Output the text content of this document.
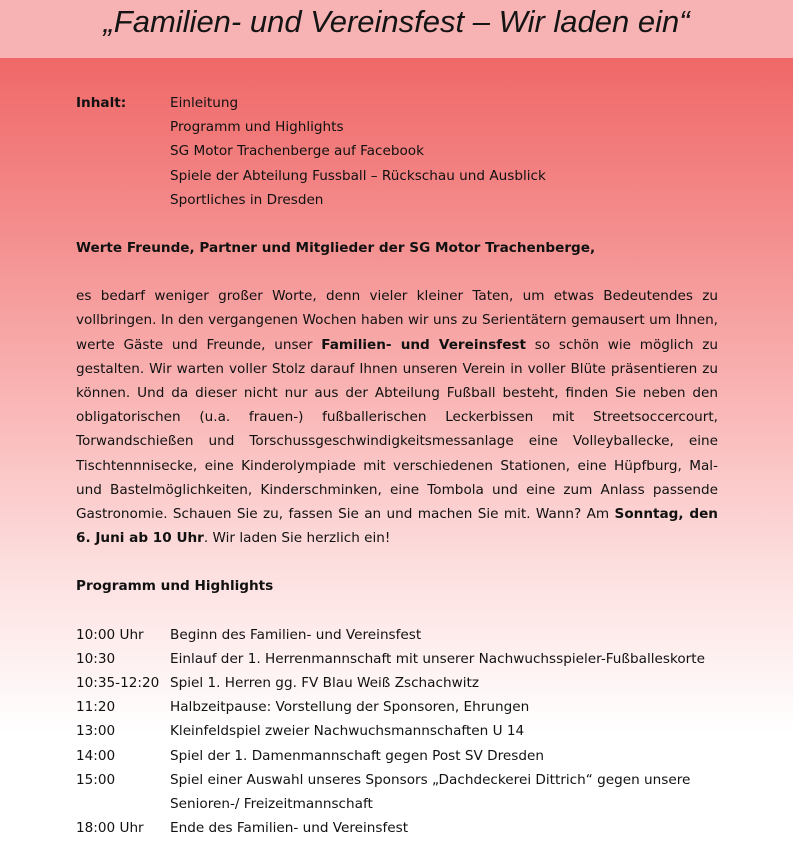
„Familien- und Vereinsfest – Wir laden ein“
Inhalt:	Einleitung
Programm und Highlights
SG Motor Trachenberge auf Facebook
Spiele der Abteilung Fussball – Rückschau und Ausblick
Sportliches in Dresden
Werte Freunde, Partner und Mitglieder der SG Motor Trachenberge,

es bedarf weniger großer Worte, denn vieler kleiner Taten, um etwas Bedeutendes zu vollbringen. In den vergangenen Wochen haben wir uns zu Serientätern gemausert um Ihnen, werte Gäste und Freunde, unser Familien- und Vereinsfest so schön wie möglich zu gestalten. Wir warten voller Stolz darauf Ihnen unseren Verein in voller Blüte präsentieren zu können. Und da dieser nicht nur aus der Abteilung Fußball besteht, finden Sie neben den obligatorischen (u.a. frauen-) fußballerischen Leckerbissen mit Streetsoccercourt, Torwandschießen und Torschussgeschwindigkeitsmessanlage eine Volleyballecke, eine Tischtennnisecke, eine Kinderolympiade mit verschiedenen Stationen, eine Hüpfburg, Mal- und Bastelmöglichkeiten, Kinderschminken, eine Tombola und eine zum Anlass passende Gastronomie. Schauen Sie zu, fassen Sie an und machen Sie mit. Wann? Am Sonntag, den 6. Juni ab 10 Uhr. Wir laden Sie herzlich ein!

Programm und Highlights
10:00 Uhr	Beginn des Familien- und Vereinsfest
10:30	Einlauf der 1. Herrenmannschaft mit unserer Nachwuchsspieler-Fußballeskorte
10:35-12:20 Spiel 1. Herren gg. FV Blau Weiß Zschachwitz
11:20	Halbzeitpause: Vorstellung der Sponsoren, Ehrungen
13:00	Kleinfeldspiel zweier Nachwuchsmannschaften U 14
14:00	Spiel der 1. Damenmannschaft gegen Post SV Dresden
15:00	Spiel einer Auswahl unseres Sponsors „Dachdeckerei Dittrich“ gegen unsere Senioren-/ Freizeitmannschaft
18:00 Uhr	Ende des Familien- und Vereinsfest
